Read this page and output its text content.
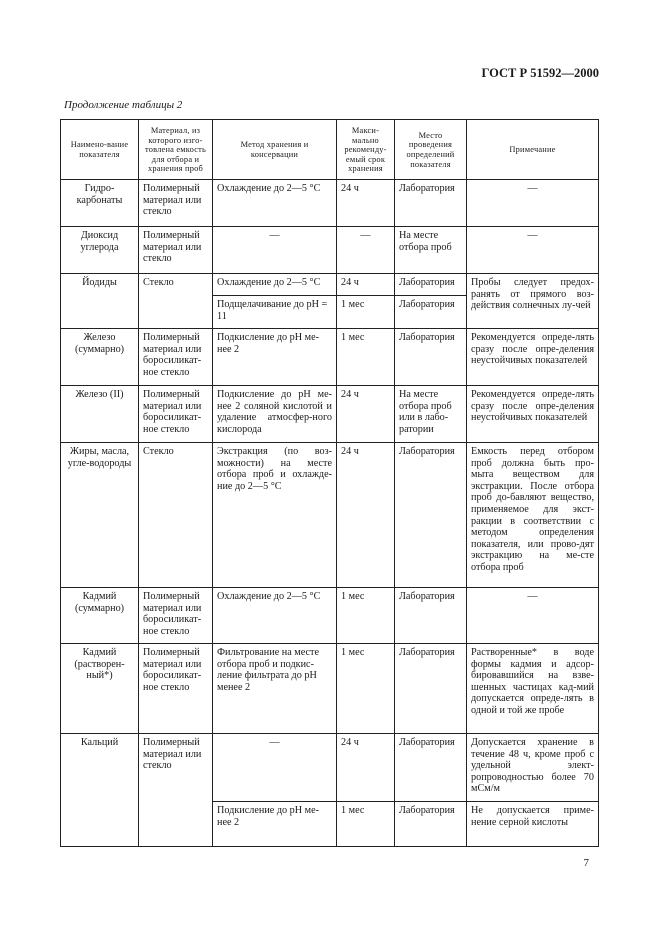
ГОСТ Р 51592—2000
Продолжение таблицы 2
Наимено-вание показателя	Материал, из которого изго-товлена емкость для отбора и хранения проб	Метод хранения и консервации	Макси-мально рекоменду-емый срок хранения	Место проведения определений показателя	Примечание
Гидро-карбонаты	Полимерный материал или стекло	Охлаждение до 2—5 °С	24 ч	Лаборатория	—
Диоксид углерода	Полимерный материал или стекло	—	—	На месте отбора проб	—
Йодиды	Стекло	Охлаждение до 2—5 °С	24 ч	Лаборатория	Пробы следует предох-ранять от прямого воз-действия солнечных лу-чей
		Подщелачивание до pH = 11	1 мес	Лаборатория	
Железо (суммарно)	Полимерный материал или боросиликат-ное стекло	Подкисление до pH ме-нее 2	1 мес	Лаборатория	Рекомендуется опреде-лять сразу после опре-деления неустойчивых показателей
Железо (II)	Полимерный материал или боросиликат-ное стекло	Подкисление до pH ме-нее 2 соляной кислотой и удаление атмосфер-ного кислорода	24 ч	На месте отбора проб или в лабо-ратории	Рекомендуется опреде-лять сразу после опре-деления неустойчивых показателей
Жиры, масла, угле-водороды	Стекло	Экстракция (по воз-можности) на месте отбора проб и охлажде-ние до 2—5 °С	24 ч	Лаборатория	Емкость перед отбором проб должна быть про-мыта веществом для экстракции. После отбора проб до-бавляют вещество, применяемое для экст-ракции в соответствии с методом определения показателя, или прово-дят экстракцию на ме-сте отбора проб
Кадмий (суммарно)	Полимерный материал или боросиликат-ное стекло	Охлаждение до 2—5 °С	1 мес	Лаборатория	—
Кадмий (растворен-ный*)	Полимерный материал или боросиликат-ное стекло	Фильтрование на месте отбора проб и подкис-ление фильтрата до pH менее 2	1 мес	Лаборатория	Растворенные* в воде формы кадмия и адсор-бировавшийся на взве-шенных частицах кад-мий допускается опреде-лять в одной и той же пробе
Кальций	Полимерный материал или стекло	—	24 ч	Лаборатория	Допускается хранение в течение 48 ч, кроме проб с удельной элект-ропроводностью более 70 мСм/м
		Подкисление до pH ме-нее 2	1 мес	Лаборатория	Не допускается приме-нение серной кислоты
7
